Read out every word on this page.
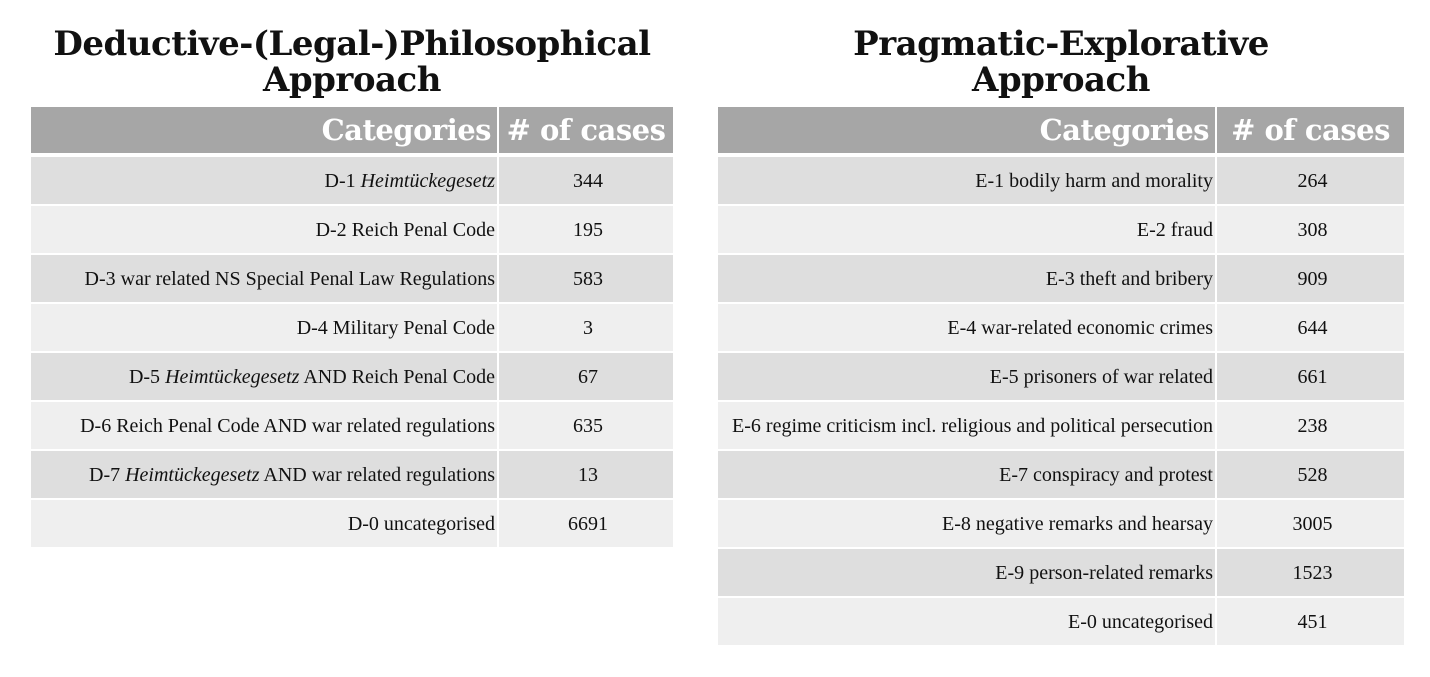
Deductive-(Legal-)Philosophical
Approach
Categories	# of cases
D-1 Heimtückegesetz	344
D-2 Reich Penal Code	195
D-3 war related NS Special Penal Law Regulations	583
D-4 Military Penal Code	3
D-5 Heimtückegesetz AND Reich Penal Code	67
D-6 Reich Penal Code AND war related regulations	635
D-7 Heimtückegesetz AND war related regulations	13
D-0 uncategorised	6691
Pragmatic-Explorative
Approach
Categories	# of cases
E-1 bodily harm and morality	264
E-2 fraud	308
E-3 theft and bribery	909
E-4 war-related economic crimes	644
E-5 prisoners of war related	661
E-6 regime criticism incl. religious and political persecution	238
E-7 conspiracy and protest	528
E-8 negative remarks and hearsay	3005
E-9 person-related remarks	1523
E-0 uncategorised	451
